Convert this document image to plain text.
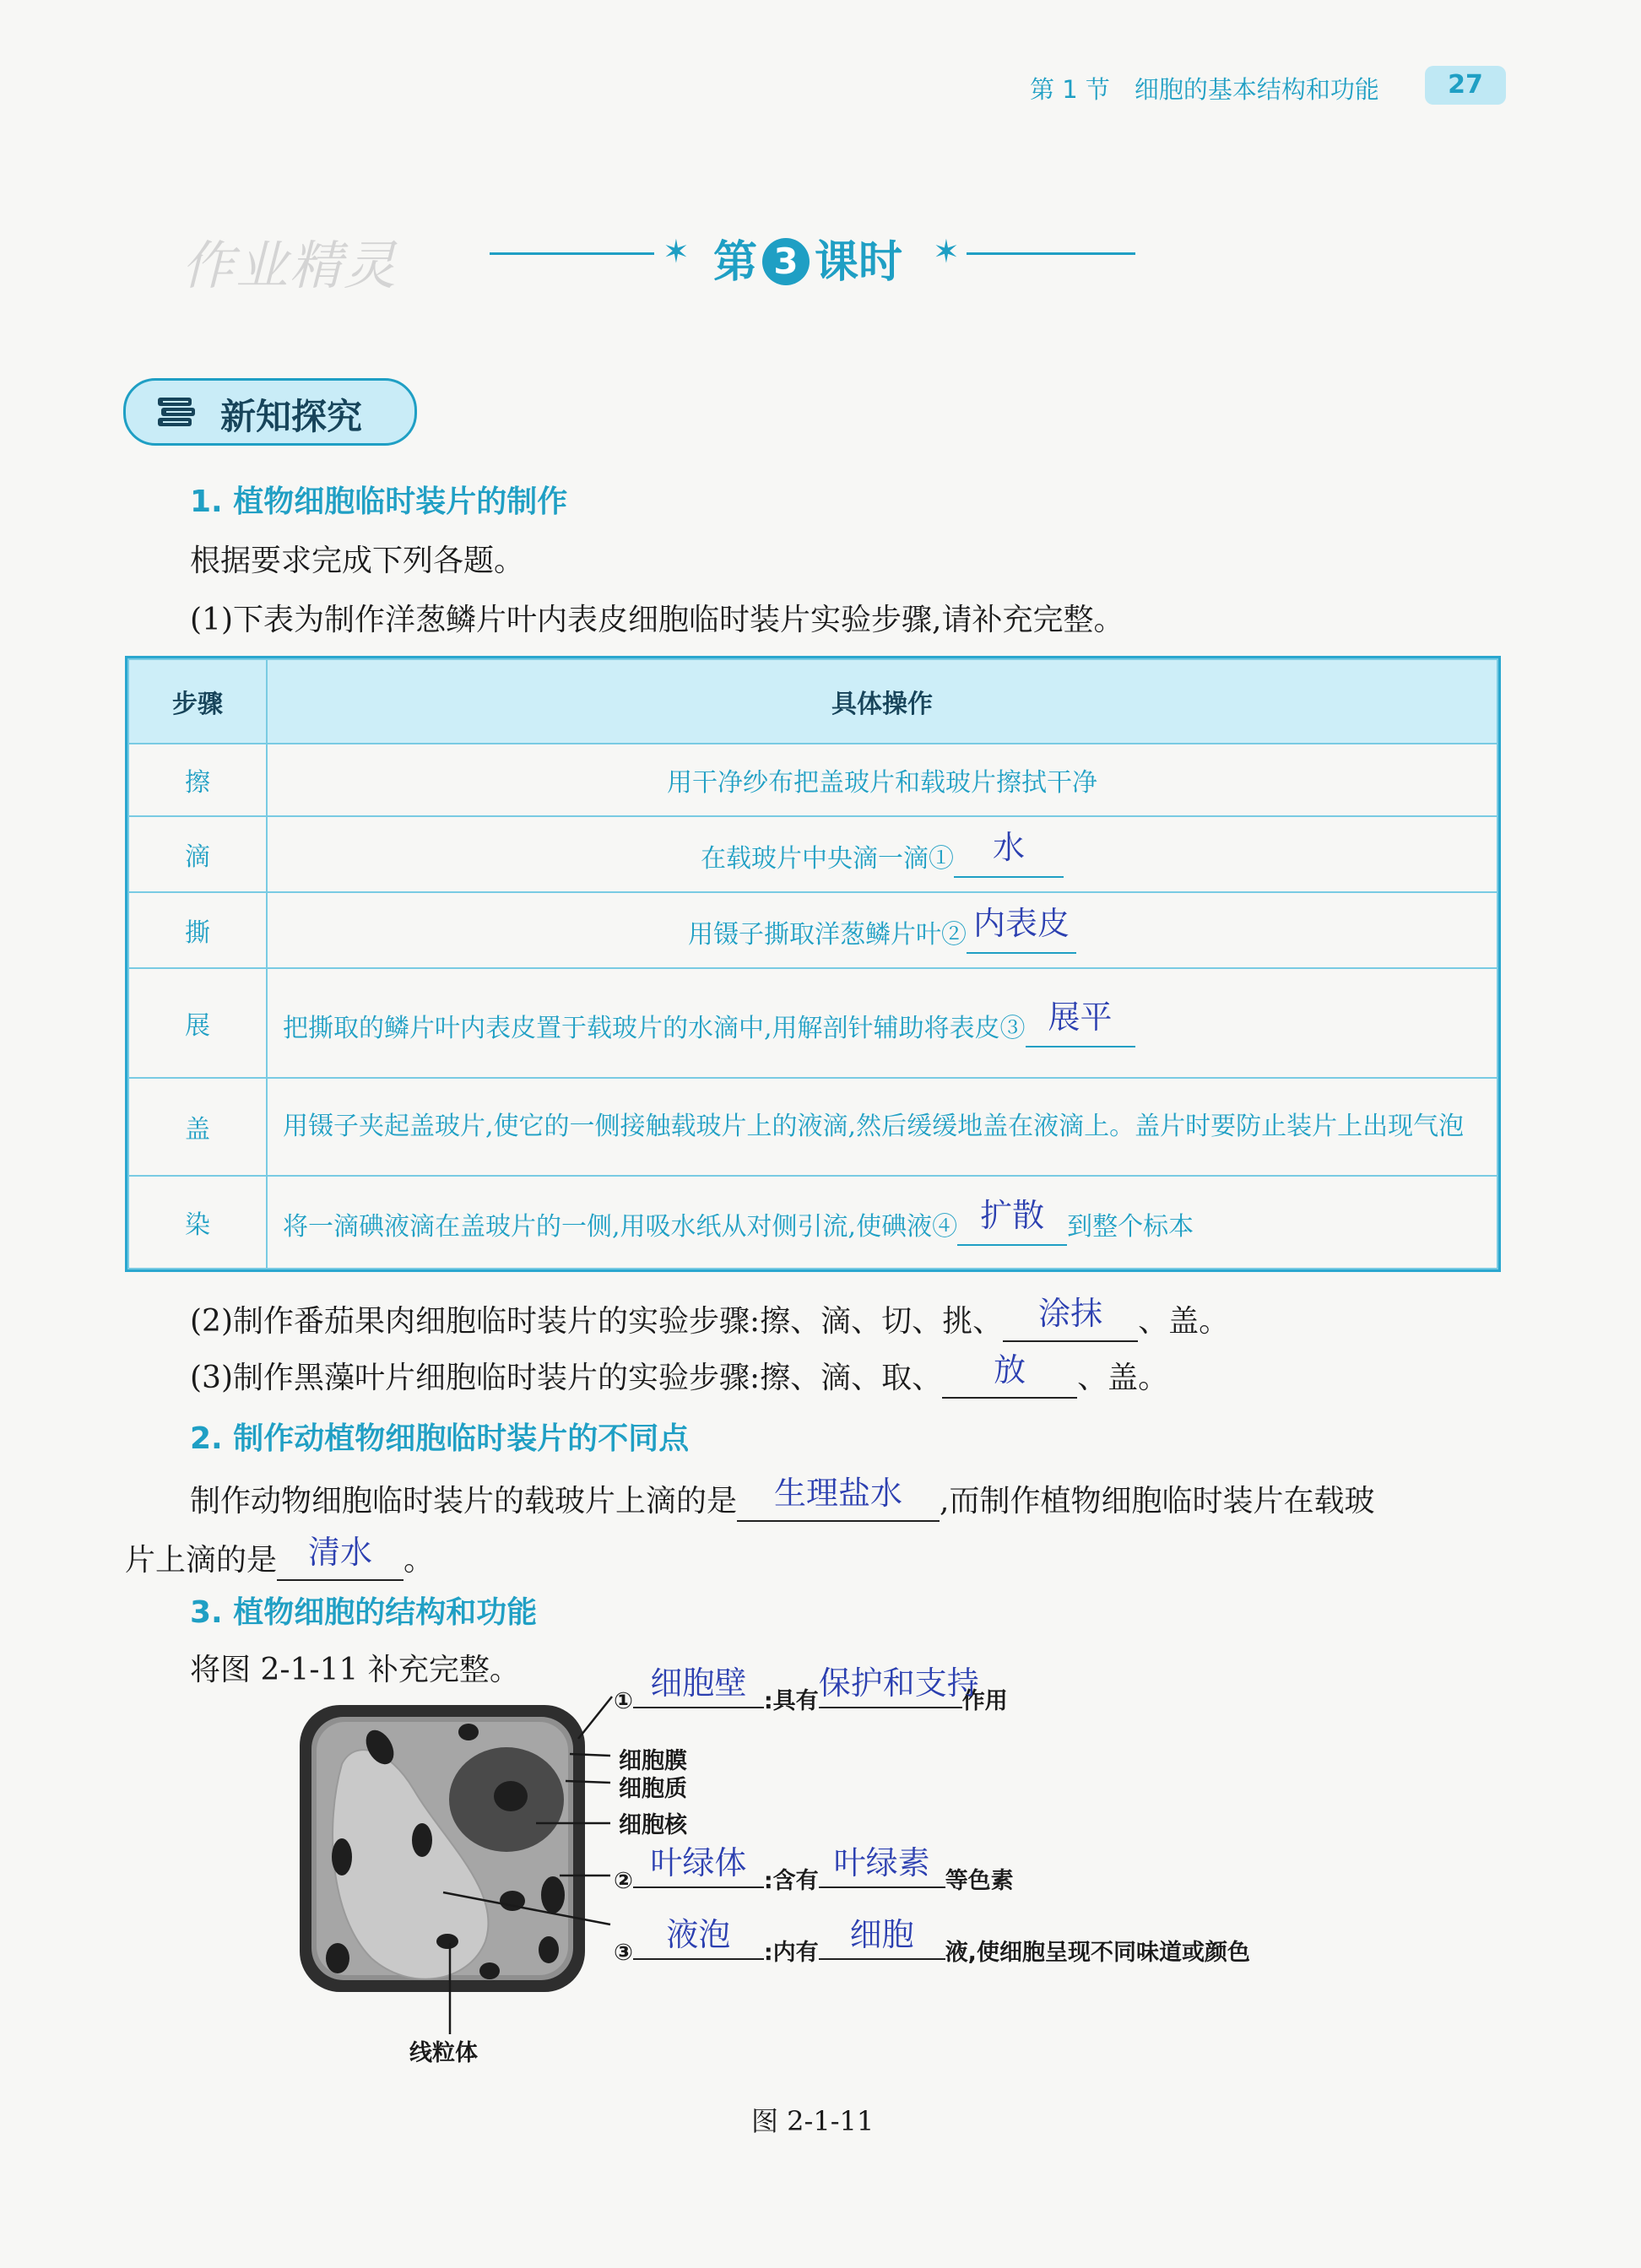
第 1 节　细胞的基本结构和功能	27
作业精灵	✶ 第 3 课时 ✶
新知探究
1. 植物细胞临时装片的制作
根据要求完成下列各题。
(1)下表为制作洋葱鳞片叶内表皮细胞临时装片实验步骤,请补充完整。
步骤	具体操作
擦	用干净纱布把盖玻片和载玻片擦拭干净
滴	在载玻片中央滴一滴① 水
撕	用镊子撕取洋葱鳞片叶② 内表皮
展	把撕取的鳞片叶内表皮置于载玻片的水滴中,用解剖针辅助将表皮③ 展平
盖	用镊子夹起盖玻片,使它的一侧接触载玻片上的液滴,然后缓缓地盖在液滴上。盖片时要防止装片上出现气泡
染	将一滴碘液滴在盖玻片的一侧,用吸水纸从对侧引流,使碘液④ 扩散 到整个标本
(2)制作番茄果肉细胞临时装片的实验步骤:擦、滴、切、挑、 涂抹 、盖。
(3)制作黑藻叶片细胞临时装片的实验步骤:擦、滴、取、 放 、盖。
2. 制作动植物细胞临时装片的不同点
制作动物细胞临时装片的载玻片上滴的是 生理盐水 ,而制作植物细胞临时装片在载玻
片上滴的是 清水 。
3. 植物细胞的结构和功能
将图 2-1-11 补充完整。
① 细胞壁 :具有 保护和支持
作用
细胞膜
细胞质
细胞核
② 叶绿体 :含有 叶绿素 等色素
③	液泡	:内有 细胞	液,使细胞呈现不同味道或颜色
线粒体
图 2-1-11
